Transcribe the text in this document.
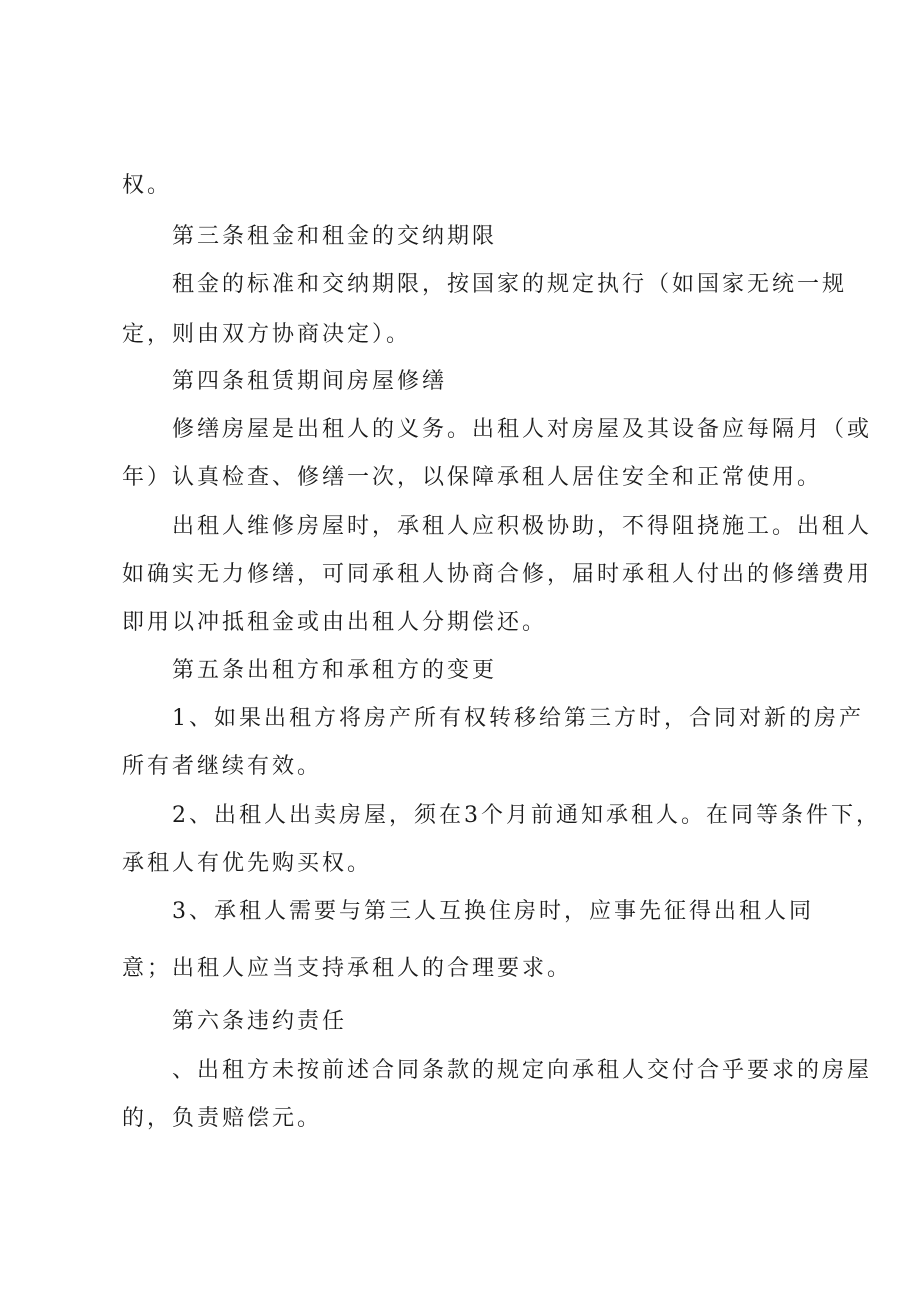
权。
第三条租金和租金的交纳期限
租金的标准和交纳期限，按国家的规定执行（如国家无统一规
定，则由双方协商决定）。
第四条租赁期间房屋修缮
修缮房屋是出租人的义务。出租人对房屋及其设备应每隔月（或
年）认真检查、修缮一次，以保障承租人居住安全和正常使用。
出租人维修房屋时，承租人应积极协助，不得阻挠施工。出租人
如确实无力修缮，可同承租人协商合修，届时承租人付出的修缮费用
即用以冲抵租金或由出租人分期偿还。
第五条出租方和承租方的变更
1、如果出租方将房产所有权转移给第三方时，合同对新的房产
所有者继续有效。
2、出租人出卖房屋，须在3个月前通知承租人。在同等条件下，
承租人有优先购买权。
3、承租人需要与第三人互换住房时，应事先征得出租人同
意；出租人应当支持承租人的合理要求。
第六条违约责任
、出租方未按前述合同条款的规定向承租人交付合乎要求的房屋
的，负责赔偿元。
